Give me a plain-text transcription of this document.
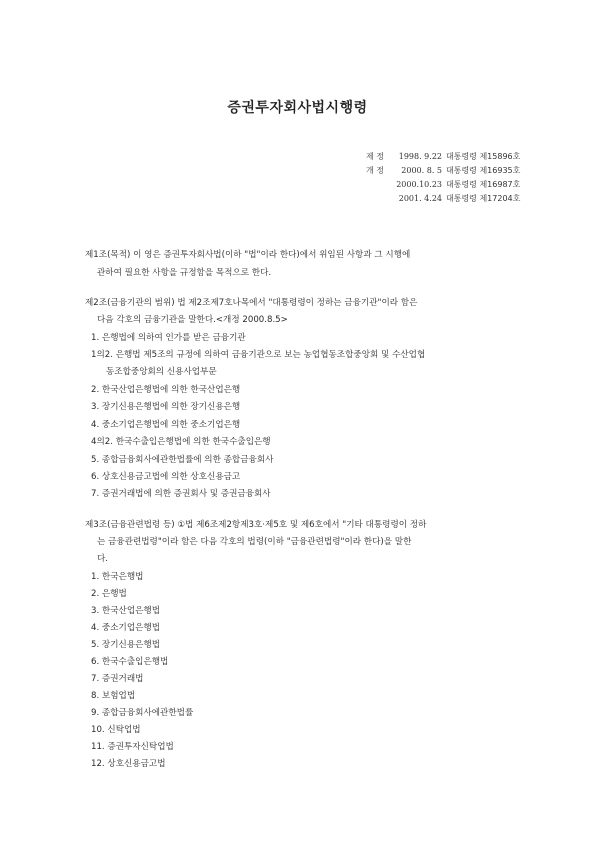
증권투자회사법시행령
제 정 1998. 9.22 대통령령 제15896호
개 정 2000. 8. 5 대통령령 제16935호
2000.10.23 대통령령 제16987호
2001. 4.24 대통령령 제17204호
제1조(목적) 이 영은 증권투자회사법(이하 "법"이라 한다)에서 위임된 사항과 그 시행에
관하여 필요한 사항을 규정함을 목적으로 한다.
제2조(금융기관의 범위) 법 제2조제7호나목에서 "대통령령이 정하는 금융기관"이라 함은
다음 각호의 금융기관을 말한다.<개정 2000.8.5>
1. 은행법에 의하여 인가를 받은 금융기관
1의2. 은행법 제5조의 규정에 의하여 금융기관으로 보는 농업협동조합중앙회 및 수산업협
동조합중앙회의 신용사업부문
2. 한국산업은행법에 의한 한국산업은행
3. 장기신용은행법에 의한 장기신용은행
4. 중소기업은행법에 의한 중소기업은행
4의2. 한국수출입은행법에 의한 한국수출입은행
5. 종합금융회사에관한법률에 의한 종합금융회사
6. 상호신용금고법에 의한 상호신용금고
7. 증권거래법에 의한 증권회사 및 증권금융회사
제3조(금융관련법령 등) ①법 제6조제2항제3호·제5호 및 제6호에서 "기타 대통령령이 정하
는 금융관련법령"이라 함은 다음 각호의 법령(이하 "금융관련법령"이라 한다)을 말한
다.
1. 한국은행법
2. 은행법
3. 한국산업은행법
4. 중소기업은행법
5. 장기신용은행법
6. 한국수출입은행법
7. 증권거래법
8. 보험업법
9. 종합금융회사에관한법률
10. 신탁업법
11. 증권투자신탁업법
12. 상호신용금고법
